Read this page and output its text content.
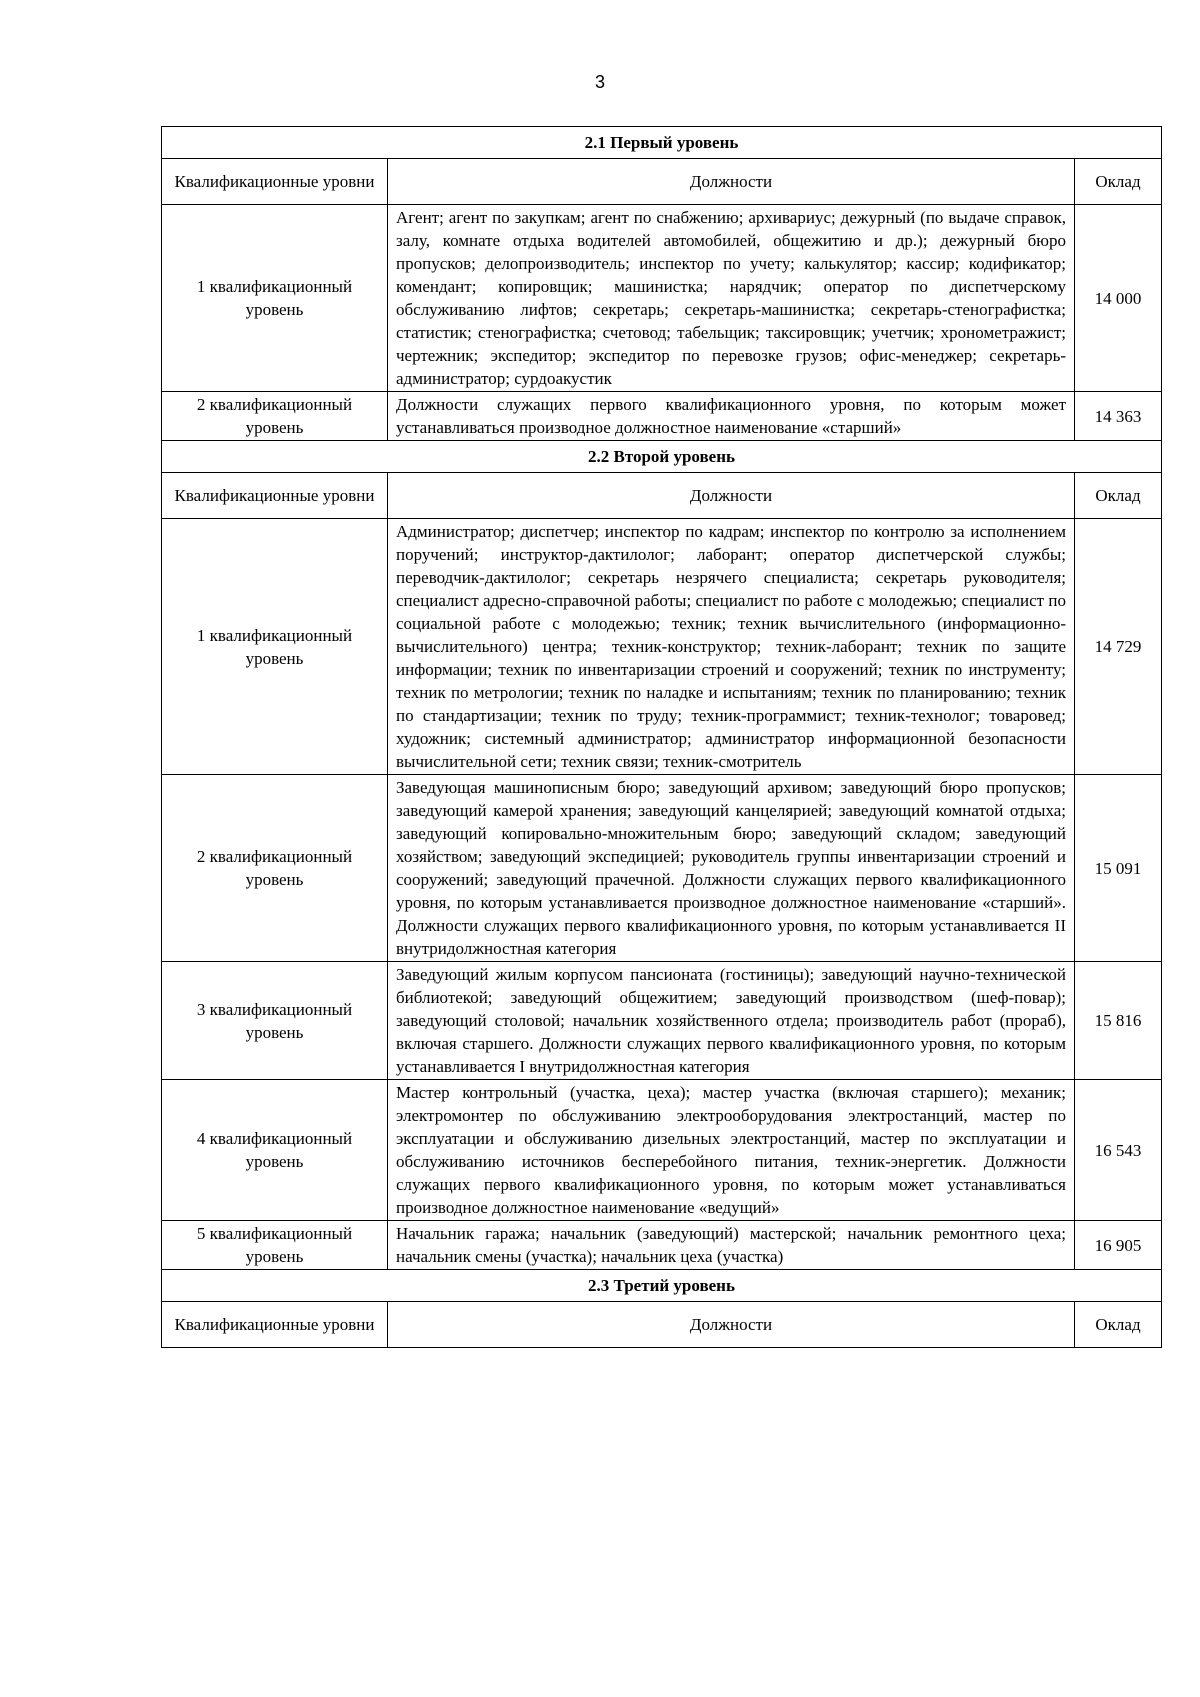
3
2.1 Первый уровень		
Квалификационные уровни	Должности	Оклад
1 квалификационный уровень	Агент; агент по закупкам; агент по снабжению; архивариус; дежурный (по выдаче справок, залу, комнате отдыха водителей автомобилей, общежитию и др.); дежурный бюро пропусков; делопроизводитель; инспектор по учету; калькулятор; кассир; кодификатор; комендант; копировщик; машинистка; нарядчик; оператор по диспетчерскому обслуживанию лифтов; секретарь; секретарь-машинистка; секретарь-стенографистка; статистик; стенографистка; счетовод; табельщик; таксировщик; учетчик; хронометражист; чертежник; экспедитор; экспедитор по перевозке грузов; офис-менеджер; секретарь-администратор; сурдоакустик	14 000
2 квалификационный уровень	Должности служащих первого квалификационного уровня, по которым может устанавливаться производное должностное наименование «старший»	14 363
2.2 Второй уровень		
Квалификационные уровни	Должности	Оклад
1 квалификационный уровень	Администратор; диспетчер; инспектор по кадрам; инспектор по контролю за исполнением поручений; инструктор-дактилолог; лаборант; оператор диспетчерской службы; переводчик-дактилолог; секретарь незрячего специалиста; секретарь руководителя; специалист адресно-справочной работы; специалист по работе с молодежью; специалист по социальной работе с молодежью; техник; техник вычислительного (информационно-вычислительного) центра; техник-конструктор; техник-лаборант; техник по защите информации; техник по инвентаризации строений и сооружений; техник по инструменту; техник по метрологии; техник по наладке и испытаниям; техник по планированию; техник по стандартизации; техник по труду; техник-программист; техник-технолог; товаровед; художник; системный администратор; администратор информационной безопасности вычислительной сети; техник связи; техник-смотритель	14 729
2 квалификационный уровень	Заведующая машинописным бюро; заведующий архивом; заведующий бюро пропусков; заведующий камерой хранения; заведующий канцелярией; заведующий комнатой отдыха; заведующий копировально-множительным бюро; заведующий складом; заведующий хозяйством; заведующий экспедицией; руководитель группы инвентаризации строений и сооружений; заведующий прачечной. Должности служащих первого квалификационного уровня, по которым устанавливается производное должностное наименование «старший». Должности служащих первого квалификационного уровня, по которым устанавливается II внутридолжностная категория	15 091
3 квалификационный уровень	Заведующий жилым корпусом пансионата (гостиницы); заведующий научно-технической библиотекой; заведующий общежитием; заведующий производством (шеф-повар); заведующий столовой; начальник хозяйственного отдела; производитель работ (прораб), включая старшего. Должности служащих первого квалификационного уровня, по которым устанавливается I внутридолжностная категория	15 816
4 квалификационный уровень	Мастер контрольный (участка, цеха); мастер участка (включая старшего); механик; электромонтер по обслуживанию электрооборудования электростанций, мастер по эксплуатации и обслуживанию дизельных электростанций, мастер по эксплуатации и обслуживанию источников бесперебойного питания, техник-энергетик. Должности служащих первого квалификационного уровня, по которым может устанавливаться производное должностное наименование «ведущий»	16 543
5 квалификационный уровень	Начальник гаража; начальник (заведующий) мастерской; начальник ремонтного цеха; начальник смены (участка); начальник цеха (участка)	16 905
2.3 Третий уровень		
Квалификационные уровни	Должности	Оклад
